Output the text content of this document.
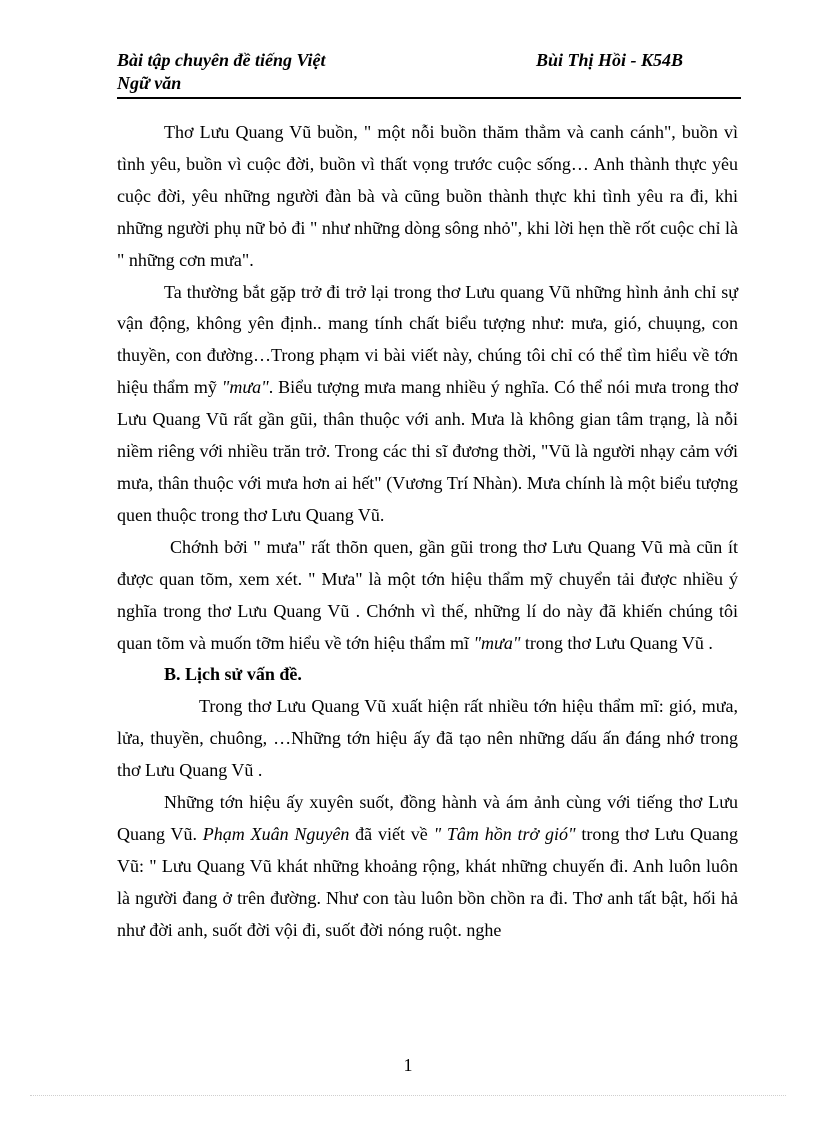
Bài tập chuyên đề tiếng Việt	Bùi Thị Hồi - K54B
Ngữ văn

Thơ Lưu Quang Vũ buồn, " một nỗi buồn thăm thẳm và canh cánh", buồn vì tình yêu, buồn vì cuộc đời, buồn vì thất vọng trước cuộc sống… Anh thành thực yêu cuộc đời, yêu những người đàn bà và cũng buồn thành thực khi tình yêu ra đi, khi những người phụ nữ bỏ đi " như những dòng sông nhỏ", khi lời hẹn thề rốt cuộc chỉ là " những cơn mưa".

Ta thường bắt gặp trở đi trở lại trong thơ Lưu quang Vũ những hình ảnh chỉ sự vận động, không yên định.. mang tính chất biểu tượng như: mưa, gió, chuụng, con thuyền, con đường…Trong phạm vi bài viết này, chúng tôi chỉ có thể tìm hiểu về tớn hiệu thẩm mỹ "mưa". Biểu tượng mưa mang nhiều ý nghĩa. Có thể nói mưa trong thơ Lưu Quang Vũ rất gần gũi, thân thuộc với anh. Mưa là không gian tâm trạng, là nỗi niềm riêng với nhiều trăn trở. Trong các thi sĩ đương thời, "Vũ là người nhạy cảm với mưa, thân thuộc với mưa hơn ai hết" (Vương Trí Nhàn). Mưa chính là một biểu tượng quen thuộc trong thơ Lưu Quang Vũ.

Chớnh bởi " mưa" rất thõn quen, gần gũi trong thơ Lưu Quang Vũ mà cũn ít được quan tõm, xem xét. " Mưa" là một tớn hiệu thẩm mỹ chuyển tải được nhiều ý nghĩa trong thơ Lưu Quang Vũ . Chớnh vì thế, những lí do này đã khiến chúng tôi quan tõm và muốn tỡm hiểu về tớn hiệu thẩm mĩ "mưa" trong thơ Lưu Quang Vũ .

B. Lịch sử vấn đề.

Trong thơ Lưu Quang Vũ xuất hiện rất nhiều tớn hiệu thẩm mĩ: gió, mưa, lửa, thuyền, chuông, …Những tớn hiệu ấy đã tạo nên những dấu ấn đáng nhớ trong thơ Lưu Quang Vũ .

Những tớn hiệu ấy xuyên suốt, đồng hành và ám ảnh cùng với tiếng thơ Lưu Quang Vũ. Phạm Xuân Nguyên đã viết về " Tâm hồn trở gió" trong thơ Lưu Quang Vũ: " Lưu Quang Vũ khát những khoảng rộng, khát những chuyến đi. Anh luôn luôn là người đang ở trên đường. Như con tàu luôn bồn chồn ra đi. Thơ anh tất bật, hối hả như đời anh, suốt đời vội đi, suốt đời nóng ruột. nghe

1
